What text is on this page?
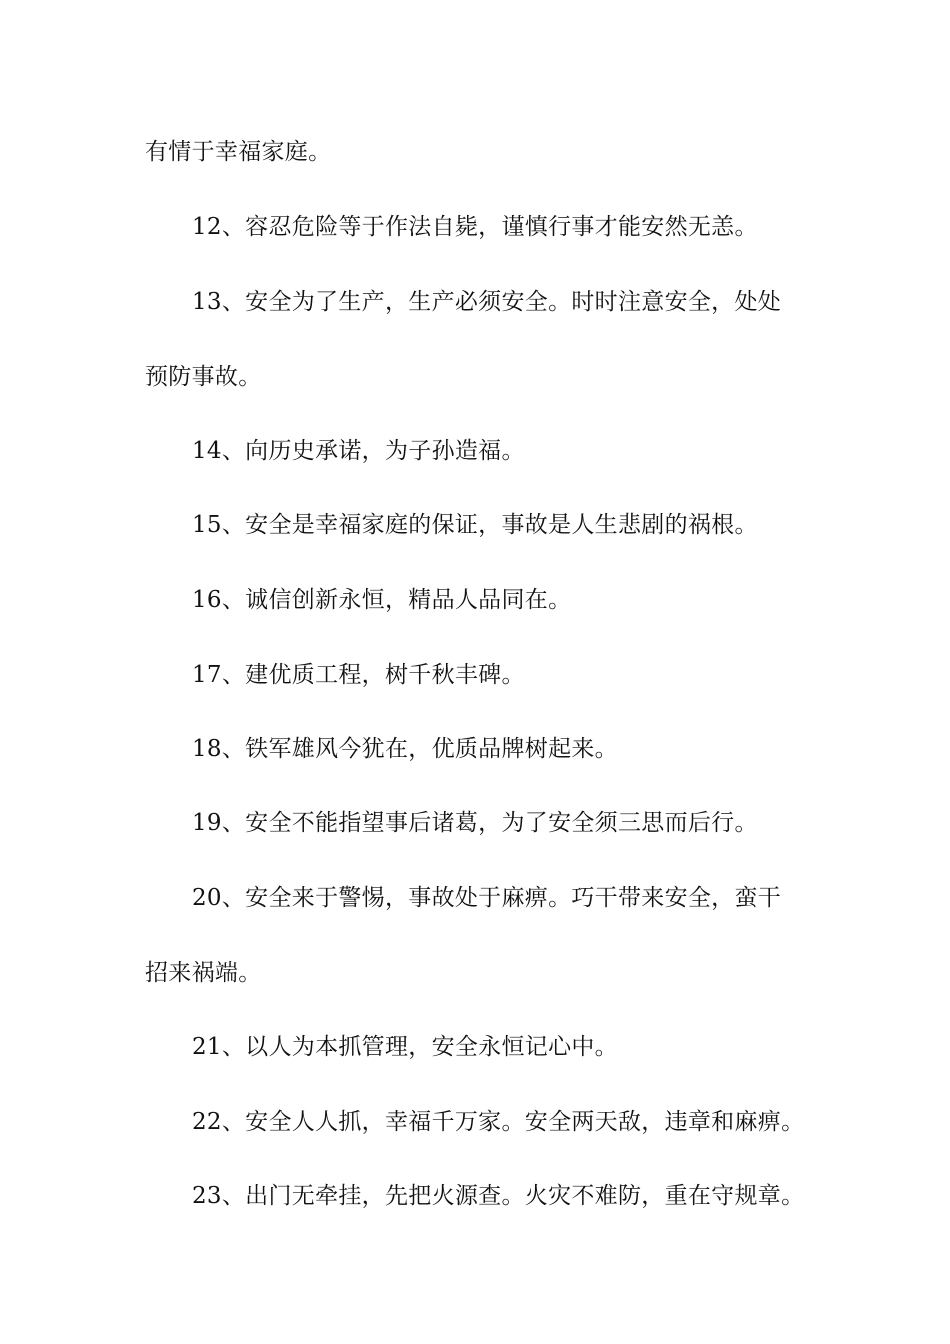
有情于幸福家庭。
12、容忍危险等于作法自毙，谨慎行事才能安然无恙。
13、安全为了生产，生产必须安全。时时注意安全，处处
预防事故。
14、向历史承诺，为子孙造福。
15、安全是幸福家庭的保证，事故是人生悲剧的祸根。
16、诚信创新永恒，精品人品同在。
17、建优质工程，树千秋丰碑。
18、铁军雄风今犹在，优质品牌树起来。
19、安全不能指望事后诸葛，为了安全须三思而后行。
20、安全来于警惕，事故处于麻痹。巧干带来安全，蛮干
招来祸端。
21、以人为本抓管理，安全永恒记心中。
22、安全人人抓，幸福千万家。安全两天敌，违章和麻痹。
23、出门无牵挂，先把火源查。火灾不难防，重在守规章。
